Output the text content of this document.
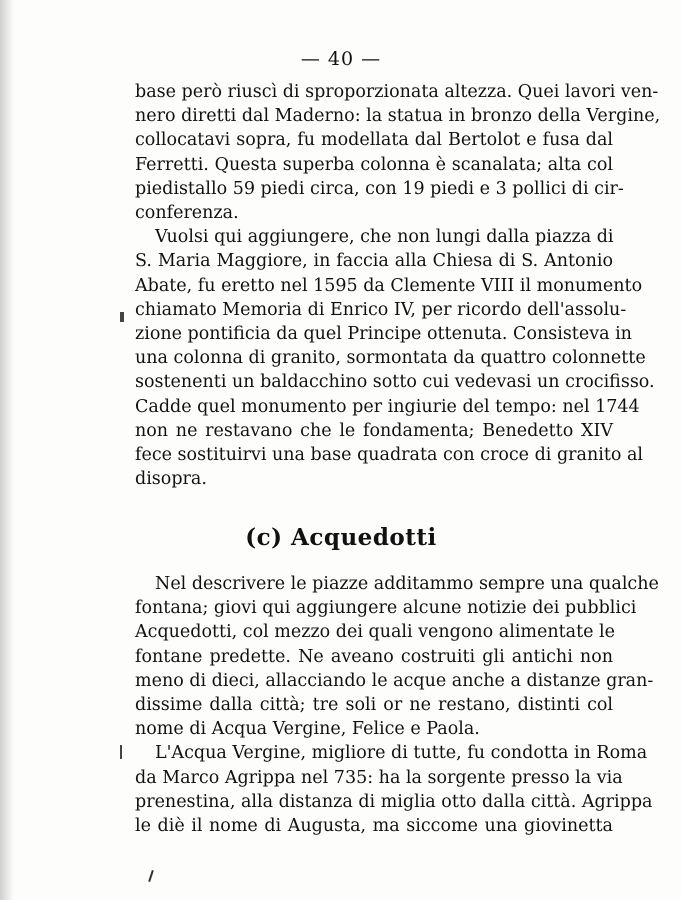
— 40 —
base però riuscì di sproporzionata altezza. Quei lavori ven-
nero diretti dal Maderno: la statua in bronzo della Vergine,
collocatavi sopra, fu modellata dal Bertolot e fusa dal
Ferretti. Questa superba colonna è scanalata; alta col
piedistallo 59 piedi circa, con 19 piedi e 3 pollici di cir-
conferenza.
Vuolsi qui aggiungere, che non lungi dalla piazza di
S. Maria Maggiore, in faccia alla Chiesa di S. Antonio
Abate, fu eretto nel 1595 da Clemente VIII il monumento
chiamato Memoria di Enrico IV, per ricordo dell'assolu-
zione pontificia da quel Principe ottenuta. Consisteva in
una colonna di granito, sormontata da quattro colonnette
sostenenti un baldacchino sotto cui vedevasi un crocifisso.
Cadde quel monumento per ingiurie del tempo: nel 1744
non ne restavano che le fondamenta; Benedetto XIV
fece sostituirvi una base quadrata con croce di granito al
disopra.
(c) Acquedotti
Nel descrivere le piazze additammo sempre una qualche
fontana; giovi qui aggiungere alcune notizie dei pubblici
Acquedotti, col mezzo dei quali vengono alimentate le
fontane predette. Ne aveano costruiti gli antichi non
meno di dieci, allacciando le acque anche a distanze gran-
dissime dalla città; tre soli or ne restano, distinti col
nome di Acqua Vergine, Felice e Paola.
L'Acqua Vergine, migliore di tutte, fu condotta in Roma
da Marco Agrippa nel 735: ha la sorgente presso la via
prenestina, alla distanza di miglia otto dalla città. Agrippa
le diè il nome di Augusta, ma siccome una giovinetta
